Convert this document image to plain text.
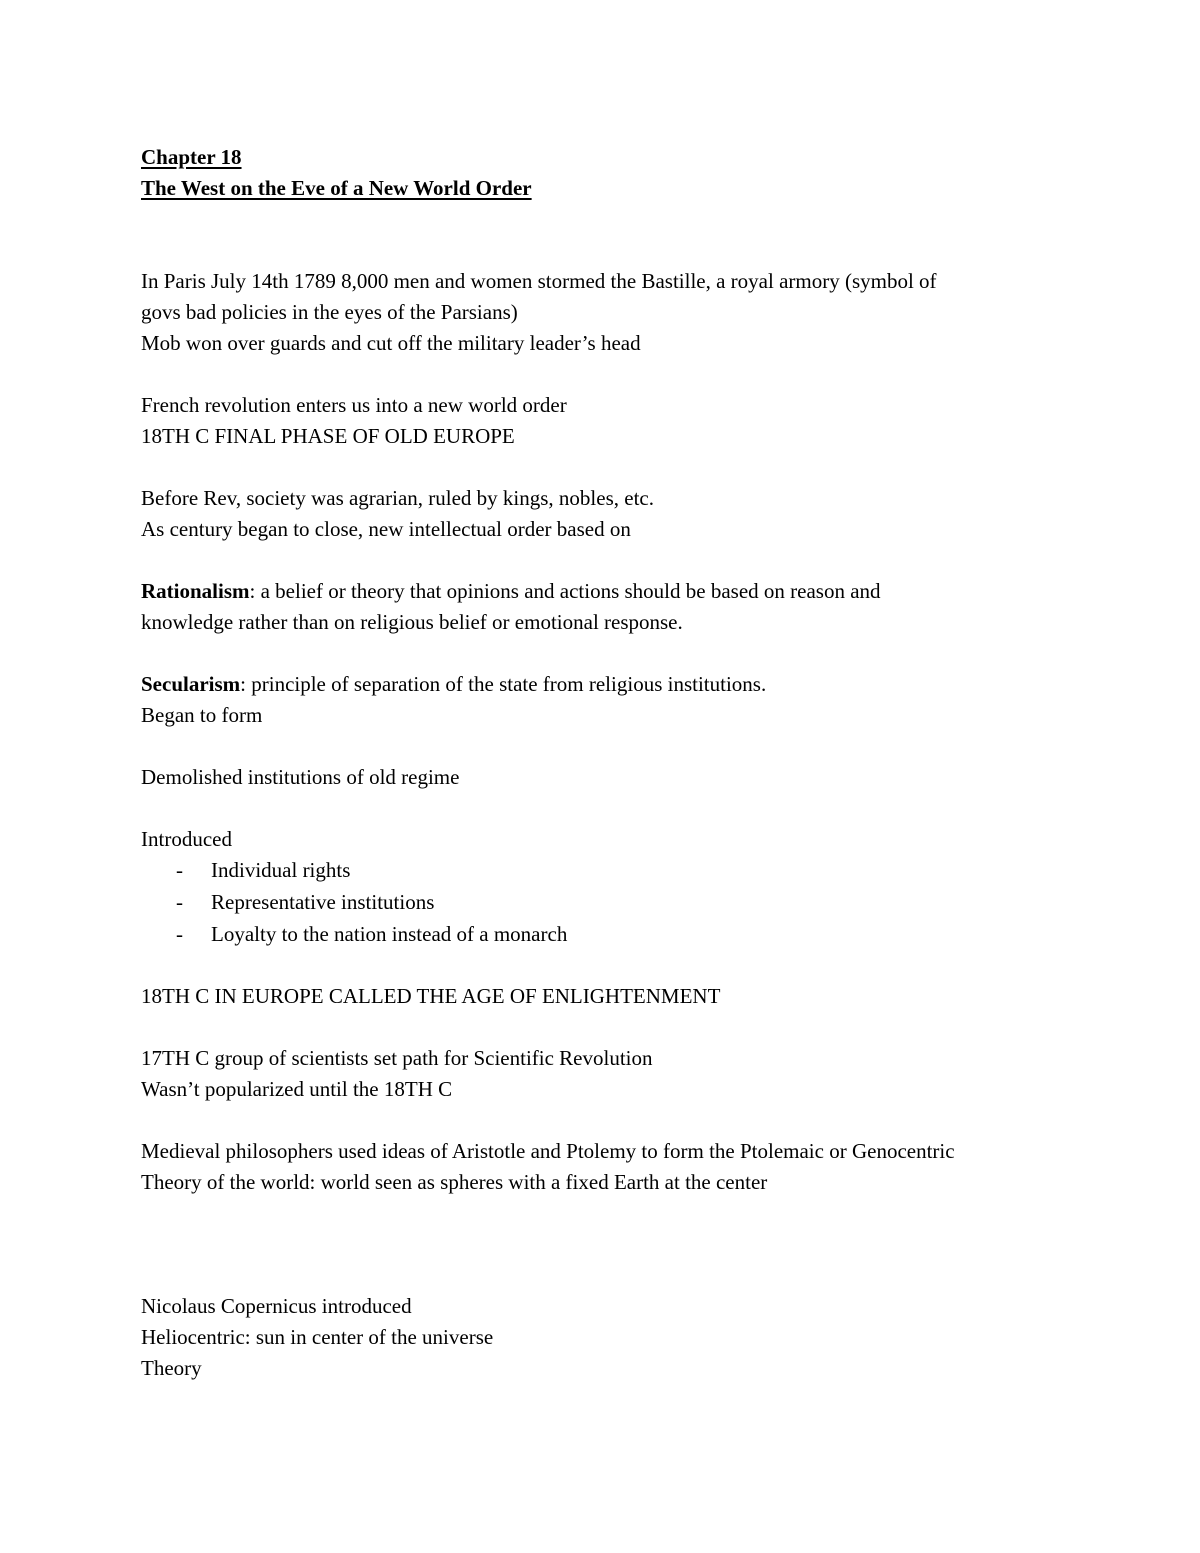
Chapter 18
The West on the Eve of a New World Order
In Paris July 14th 1789 8,000 men and women stormed the Bastille, a royal armory (symbol of
govs bad policies in the eyes of the Parsians)
Mob won over guards and cut off the military leader’s head
French revolution enters us into a new world order
18TH C FINAL PHASE OF OLD EUROPE
Before Rev, society was agrarian, ruled by kings, nobles, etc.
As century began to close, new intellectual order based on
Rationalism: a belief or theory that opinions and actions should be based on reason and
knowledge rather than on religious belief or emotional response.
Secularism: principle of separation of the state from religious institutions.
Began to form
Demolished institutions of old regime
Introduced
- Individual rights
- Representative institutions
- Loyalty to the nation instead of a monarch
18TH C IN EUROPE CALLED THE AGE OF ENLIGHTENMENT
17TH C group of scientists set path for Scientific Revolution
Wasn’t popularized until the 18TH C
Medieval philosophers used ideas of Aristotle and Ptolemy to form the Ptolemaic or Genocentric
Theory of the world: world seen as spheres with a fixed Earth at the center
Nicolaus Copernicus introduced
Heliocentric: sun in center of the universe
Theory
